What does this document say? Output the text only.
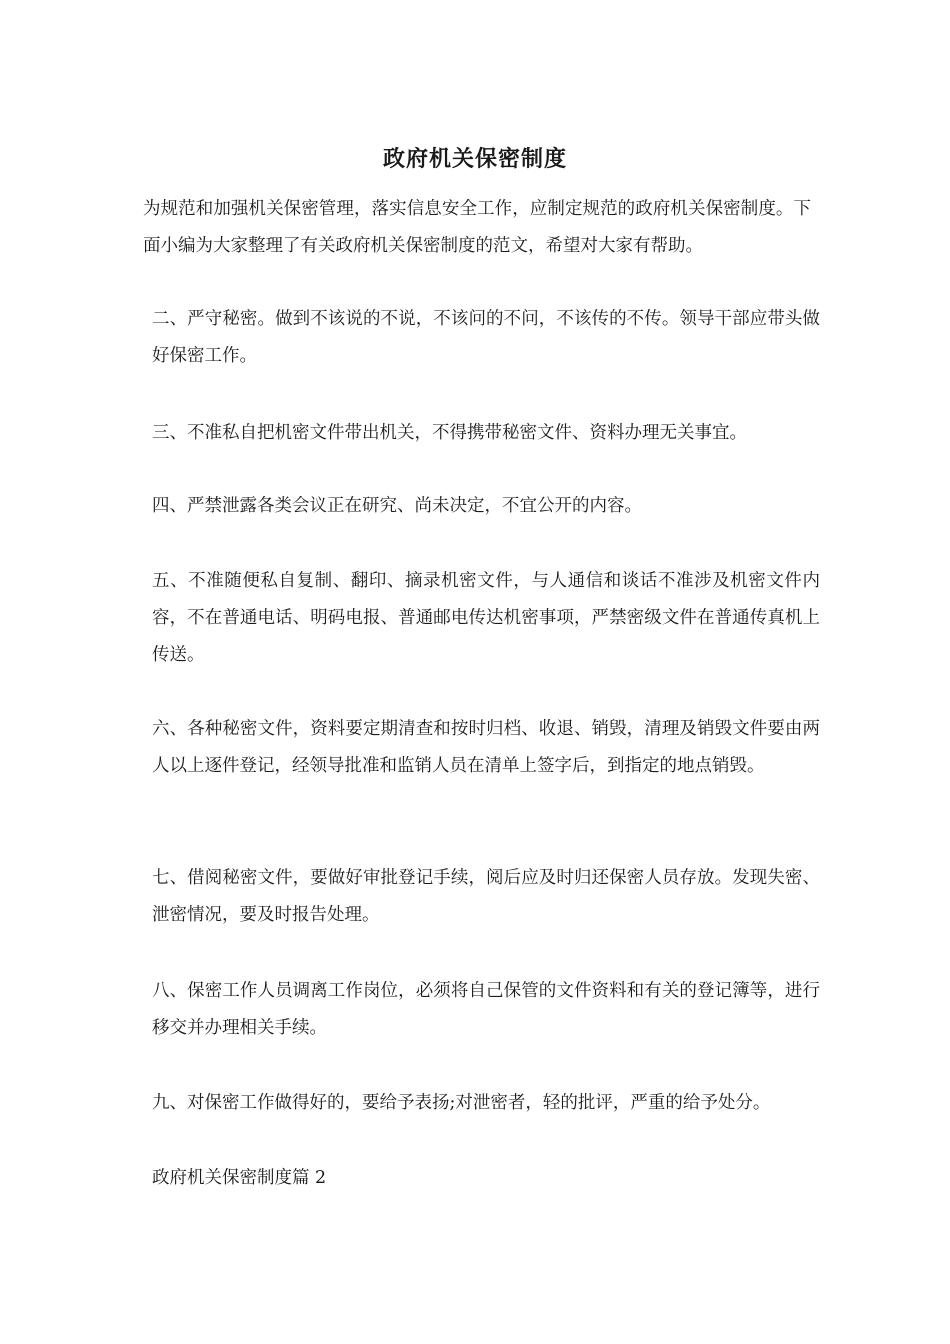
政府机关保密制度
为规范和加强机关保密管理，落实信息安全工作，应制定规范的政府机关保密制度。下面小编为大家整理了有关政府机关保密制度的范文，希望对大家有帮助。
二、严守秘密。做到不该说的不说，不该问的不问，不该传的不传。领导干部应带头做好保密工作。
三、不准私自把机密文件带出机关，不得携带秘密文件、资料办理无关事宜。
四、严禁泄露各类会议正在研究、尚未决定，不宜公开的内容。
五、不准随便私自复制、翻印、摘录机密文件，与人通信和谈话不准涉及机密文件内容，不在普通电话、明码电报、普通邮电传达机密事项，严禁密级文件在普通传真机上传送。
六、各种秘密文件，资料要定期清查和按时归档、收退、销毁，清理及销毁文件要由两人以上逐件登记，经领导批准和监销人员在清单上签字后，到指定的地点销毁。
七、借阅秘密文件，要做好审批登记手续，阅后应及时归还保密人员存放。发现失密、泄密情况，要及时报告处理。
八、保密工作人员调离工作岗位，必须将自己保管的文件资料和有关的登记簿等，进行移交并办理相关手续。
九、对保密工作做得好的，要给予表扬;对泄密者，轻的批评，严重的给予处分。
政府机关保密制度篇 2
